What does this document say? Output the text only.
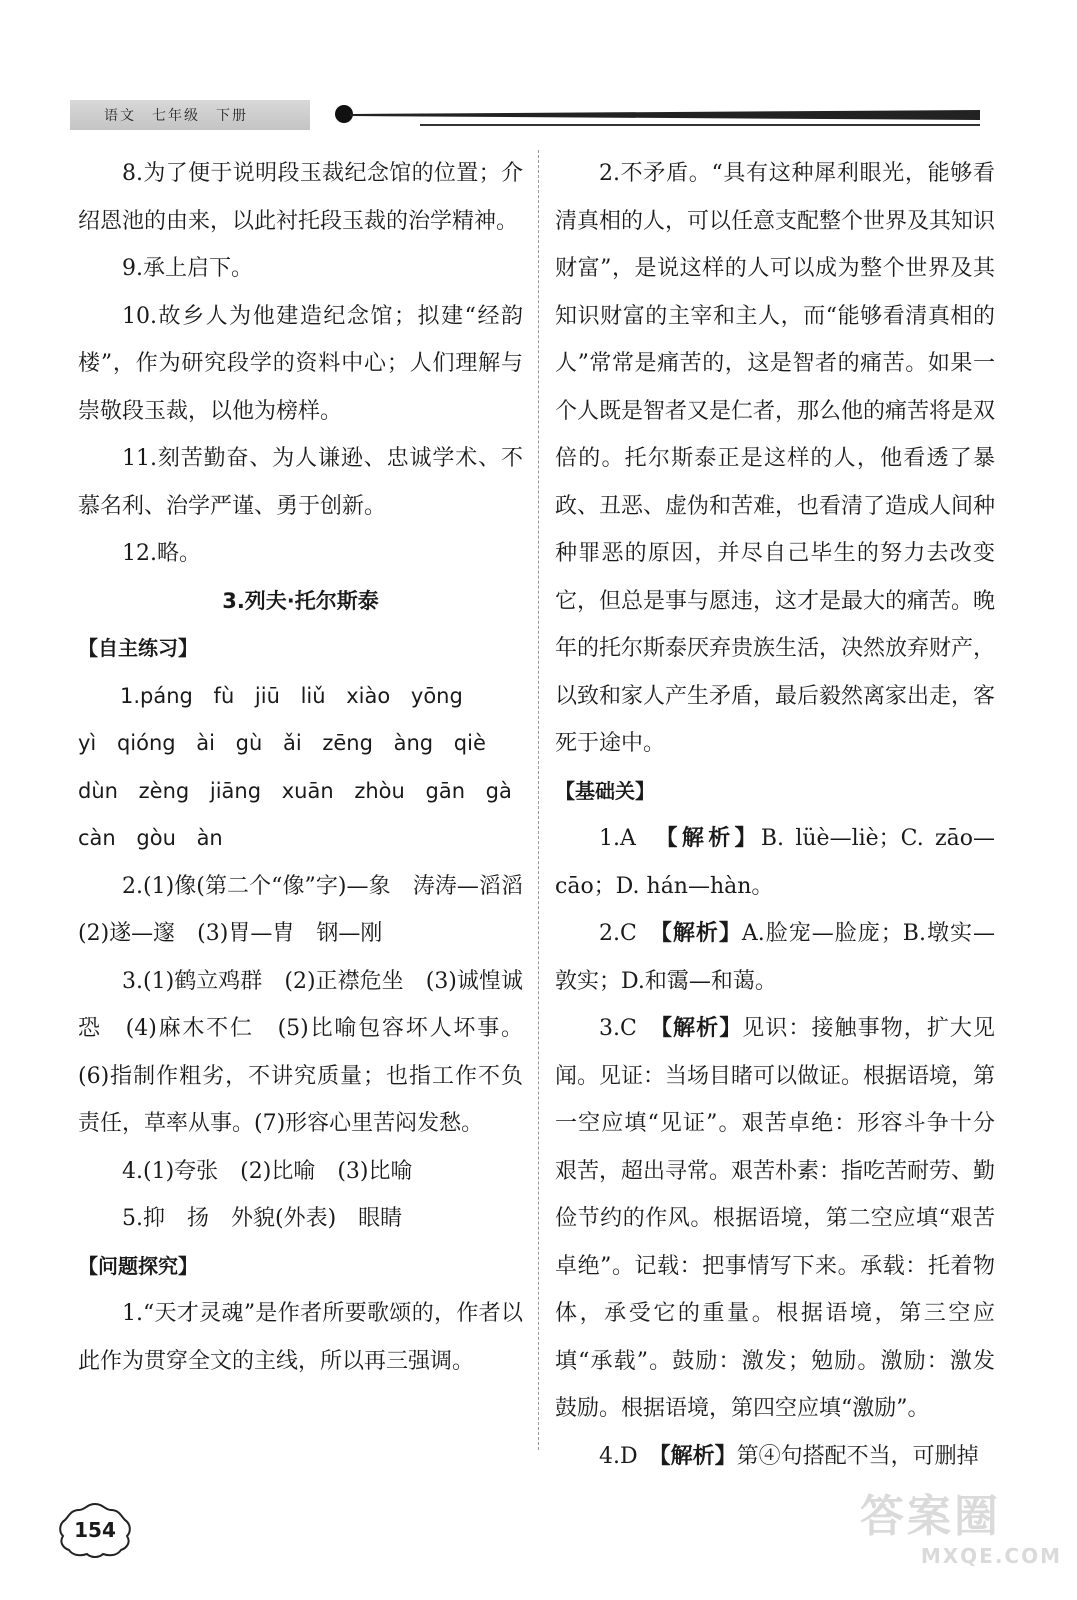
语文　七年级　下册

8.为了便于说明段玉裁纪念馆的位置；介绍恩池的由来，以此衬托段玉裁的治学精神。

9.承上启下。

10.故乡人为他建造纪念馆；拟建“经韵楼”，作为研究段学的资料中心；人们理解与崇敬段玉裁，以他为榜样。

11.刻苦勤奋、为人谦逊、忠诚学术、不慕名利、治学严谨、勇于创新。

12.略。

3.列夫·托尔斯泰

【自主练习】

1.páng fù jiū liǔ xiào yōng

yì qióng ài gù ǎi zēng àng qiè

dùn zèng jiāng xuān zhòu gān gà

càn gòu àn

2.(1)像(第二个“像”字)—象　涛涛—滔滔　(2)遂—邃　(3)胃—胄　钢—刚

3.(1)鹤立鸡群　(2)正襟危坐　(3)诚惶诚恐　(4)麻木不仁　(5)比喻包容坏人坏事。(6)指制作粗劣，不讲究质量；也指工作不负责任，草率从事。(7)形容心里苦闷发愁。

4.(1)夸张　(2)比喻　(3)比喻

5.抑　扬　外貌(外表)　眼睛

【问题探究】

1.“天才灵魂”是作者所要歌颂的，作者以此作为贯穿全文的主线，所以再三强调。

2.不矛盾。“具有这种犀利眼光，能够看清真相的人，可以任意支配整个世界及其知识财富”，是说这样的人可以成为整个世界及其知识财富的主宰和主人，而“能够看清真相的人”常常是痛苦的，这是智者的痛苦。如果一个人既是智者又是仁者，那么他的痛苦将是双倍的。托尔斯泰正是这样的人，他看透了暴政、丑恶、虚伪和苦难，也看清了造成人间种种罪恶的原因，并尽自己毕生的努力去改变它，但总是事与愿违，这才是最大的痛苦。晚年的托尔斯泰厌弃贵族生活，决然放弃财产，以致和家人产生矛盾，最后毅然离家出走，客死于途中。

【基础关】

1.A　 【解析】B. lüè—liè；C. zāo—cāo；D. hán—hàn。

2.C　 【解析】A.脸宠—脸庞；B.墩实—敦实；D.和霭—和蔼。

3.C　 【解析】见识：接触事物，扩大见闻。见证：当场目睹可以做证。根据语境，第一空应填“见证”。艰苦卓绝：形容斗争十分艰苦，超出寻常。艰苦朴素：指吃苦耐劳、勤俭节约的作风。根据语境，第二空应填“艰苦卓绝”。记载：把事情写下来。承载：托着物体，承受它的重量。根据语境，第三空应填“承载”。鼓励：激发；勉励。激励：激发鼓励。根据语境，第四空应填“激励”。

4.D　 【解析】第④句搭配不当，可删掉

154	答案圈
MXQE.COM
